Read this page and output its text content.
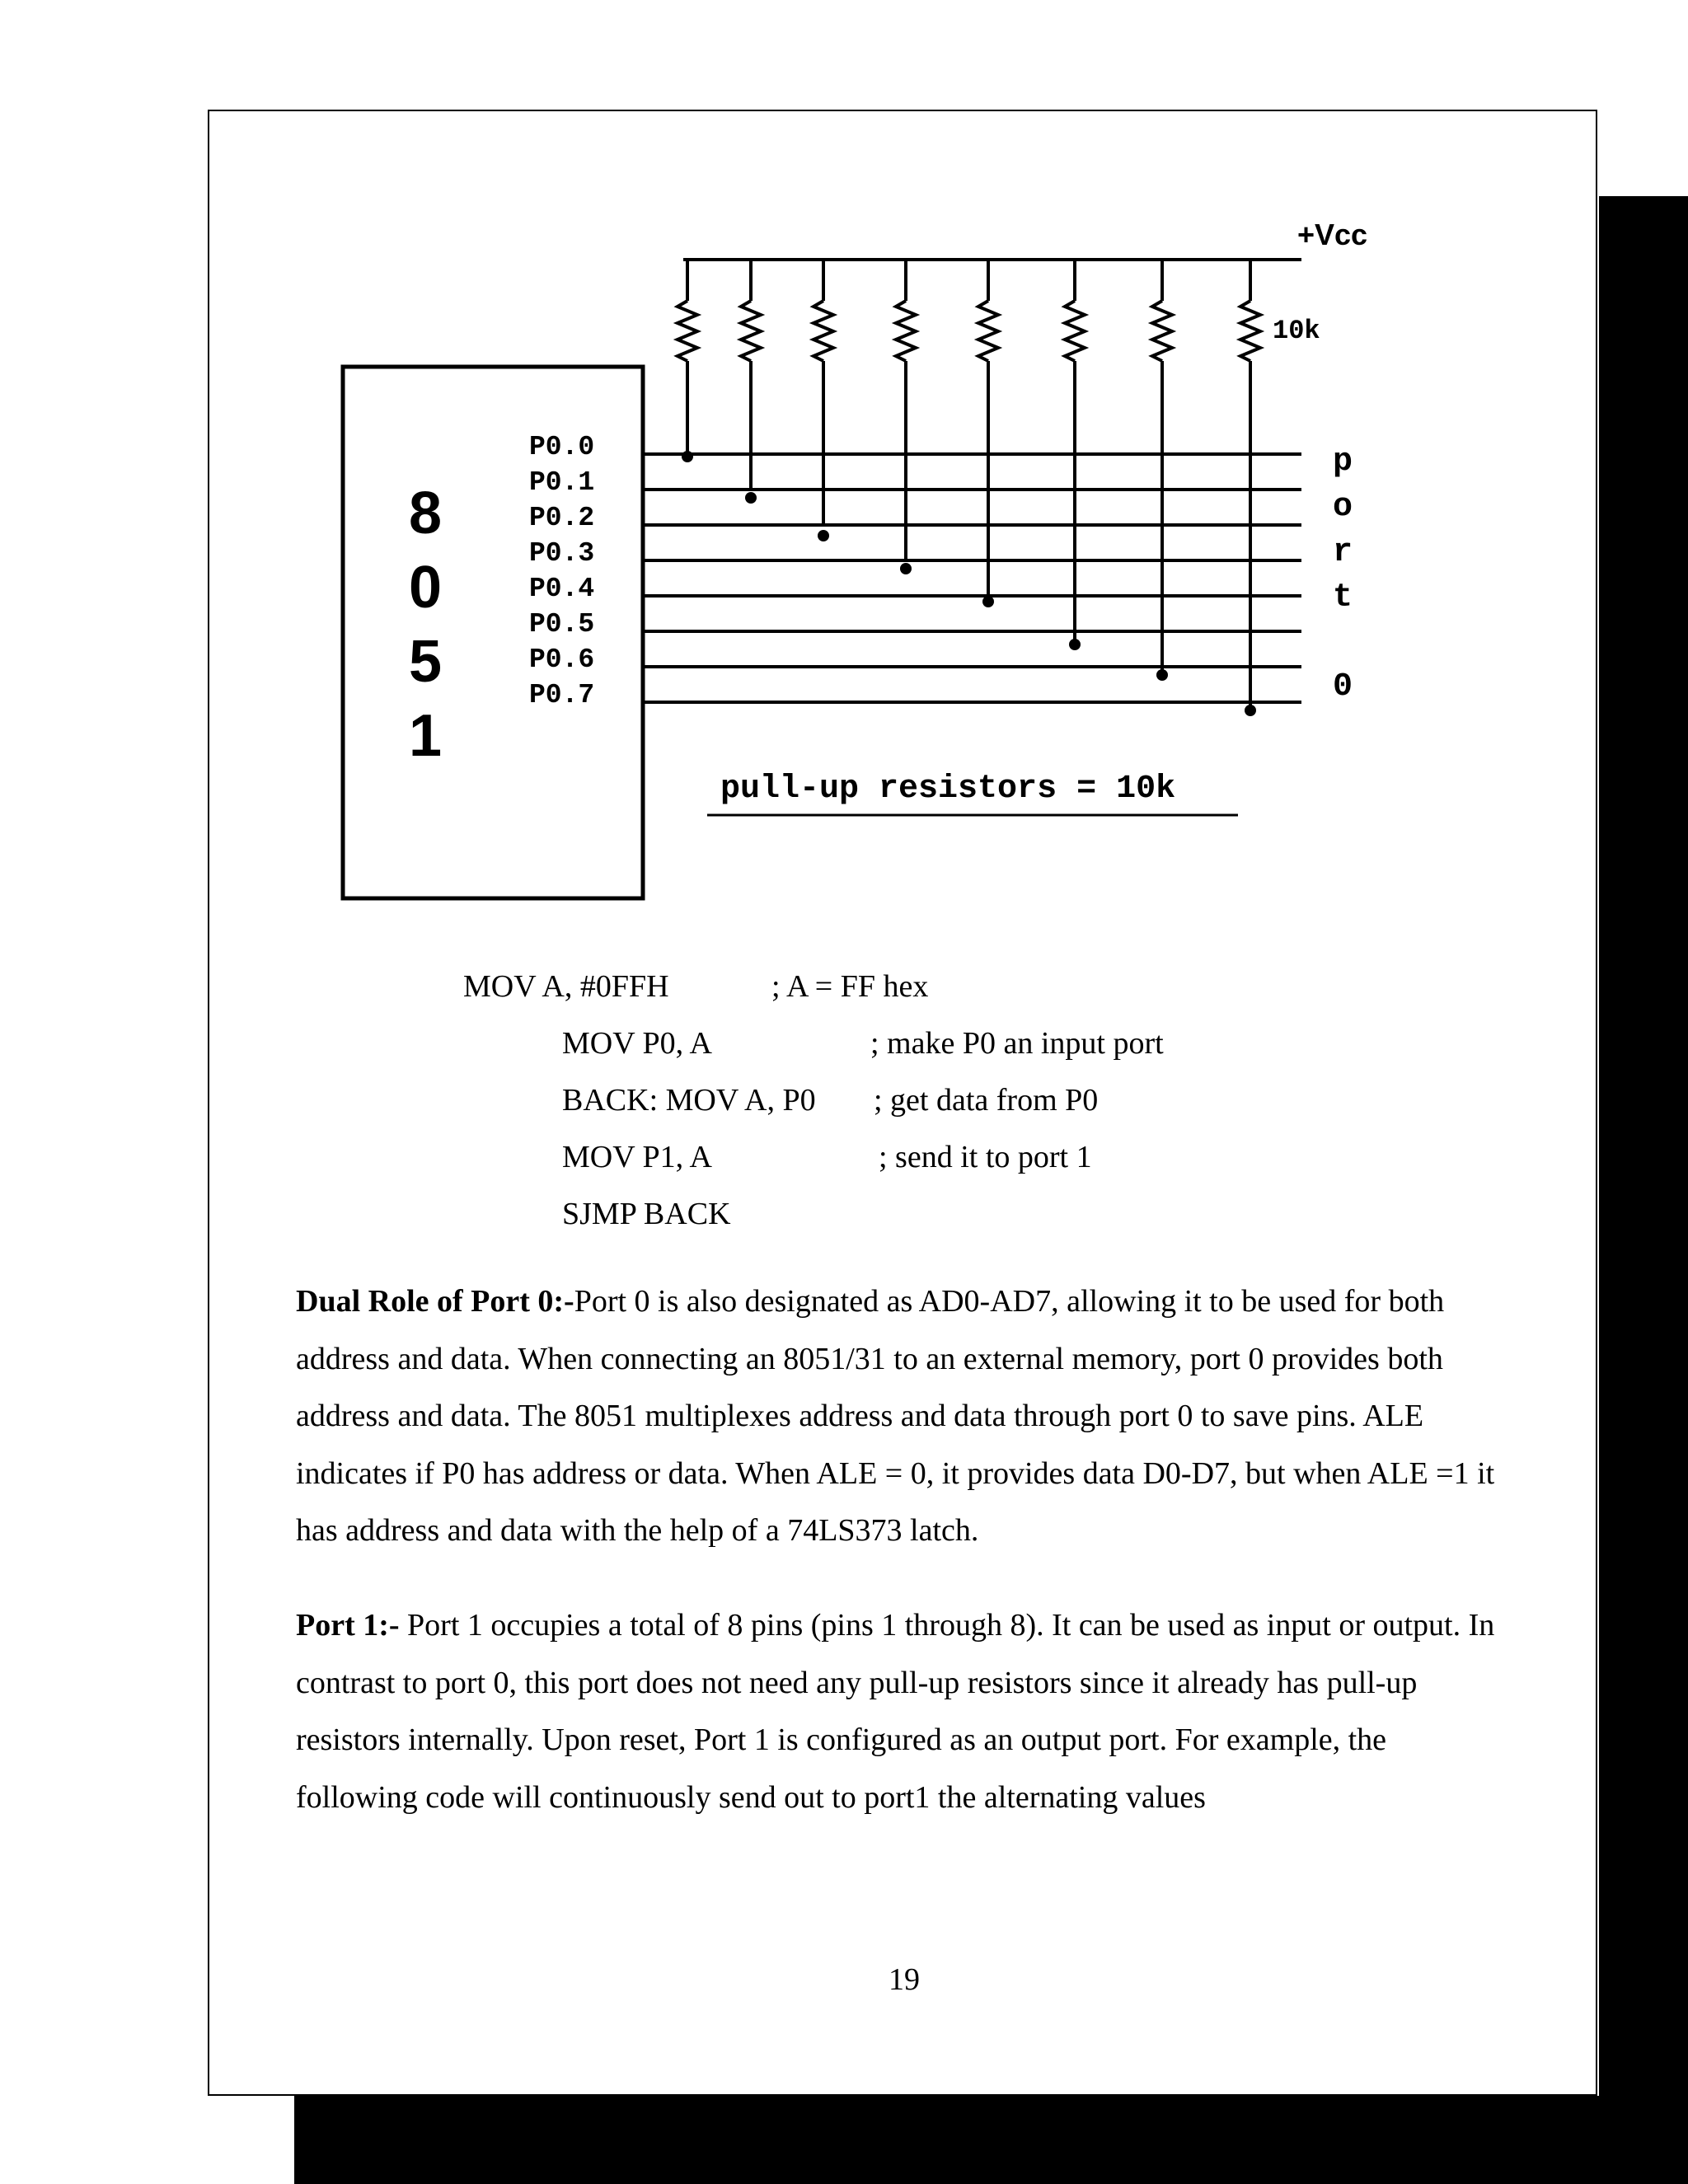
8
0
5
1
P0.0
P0.1
P0.2
P0.3
P0.4
P0.5
P0.6
P0.7
+Vcc
10k
p
o
r
t
0
pull-up resistors = 10k
MOV A, #0FFH	; A = FF hex
MOV P0, A	; make P0 an input port
BACK: MOV A, P0 ; get data from P0
MOV P1, A	; send it to port 1
SJMP BACK

Dual Role of Port 0:-Port 0 is also designated as AD0-AD7, allowing it to be used for both address and data. When connecting an 8051/31 to an external memory, port 0 provides both address and data. The 8051 multiplexes address and data through port 0 to save pins. ALE indicates if P0 has address or data. When ALE = 0, it provides data D0-D7, but when ALE =1 it has address and data with the help of a 74LS373 latch.

Port 1:- Port 1 occupies a total of 8 pins (pins 1 through 8). It can be used as input or output. In contrast to port 0, this port does not need any pull-up resistors since it already has pull-up resistors internally. Upon reset, Port 1 is configured as an output port. For example, the following code will continuously send out to port1 the alternating values

19
